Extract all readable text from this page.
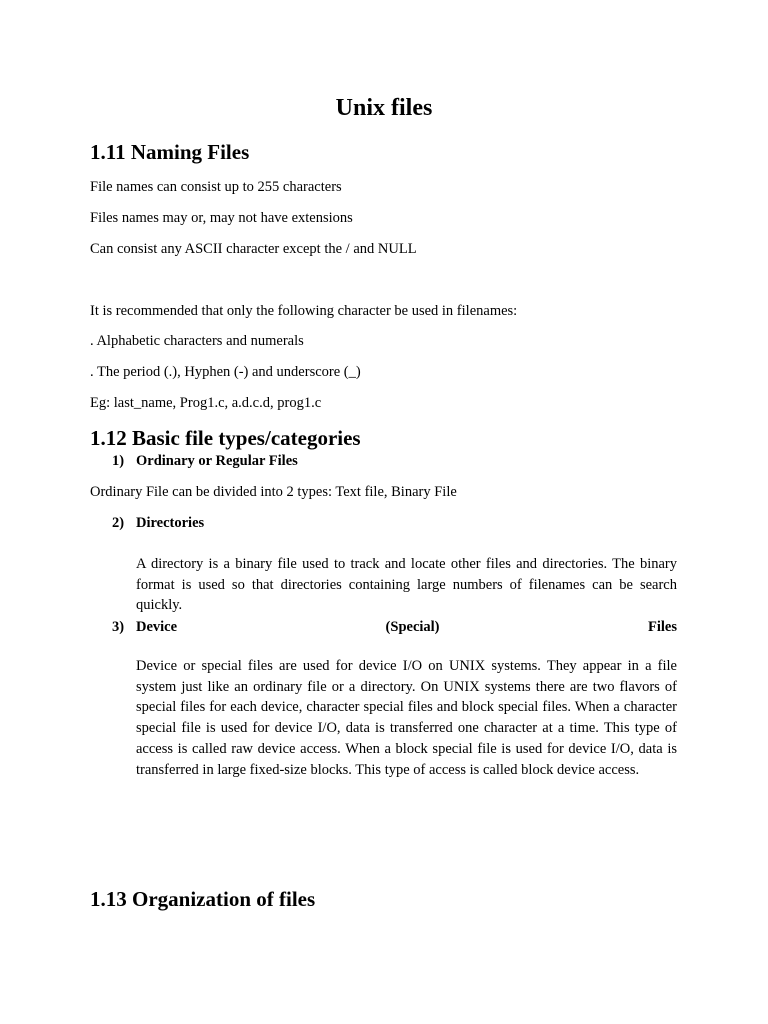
Unix files
1.11 Naming Files
File names can consist up to 255 characters
Files names may or, may not have extensions
Can consist any ASCII character except the / and NULL
It is recommended that only the following character be used in filenames:
. Alphabetic characters and numerals
. The period (.), Hyphen (-) and underscore (_)
Eg: last_name, Prog1.c, a.d.c.d, prog1.c
1.12 Basic file types/categories
1) Ordinary or Regular Files
Ordinary File can be divided into 2 types: Text file, Binary File
2) Directories
A directory is a binary file used to track and locate other files and directories. The binary format is used so that directories containing large numbers of filenames can be search quickly.
3) Device	(Special)	Files
Device or special files are used for device I/O on UNIX systems. They appear in a file system just like an ordinary file or a directory. On UNIX systems there are two flavors of special files for each device, character special files and block special files. When a character special file is used for device I/O, data is transferred one character at a time. This type of access is called raw device access. When a block special file is used for device I/O, data is transferred in large fixed-size blocks. This type of access is called block device access.
1.13 Organization of files
